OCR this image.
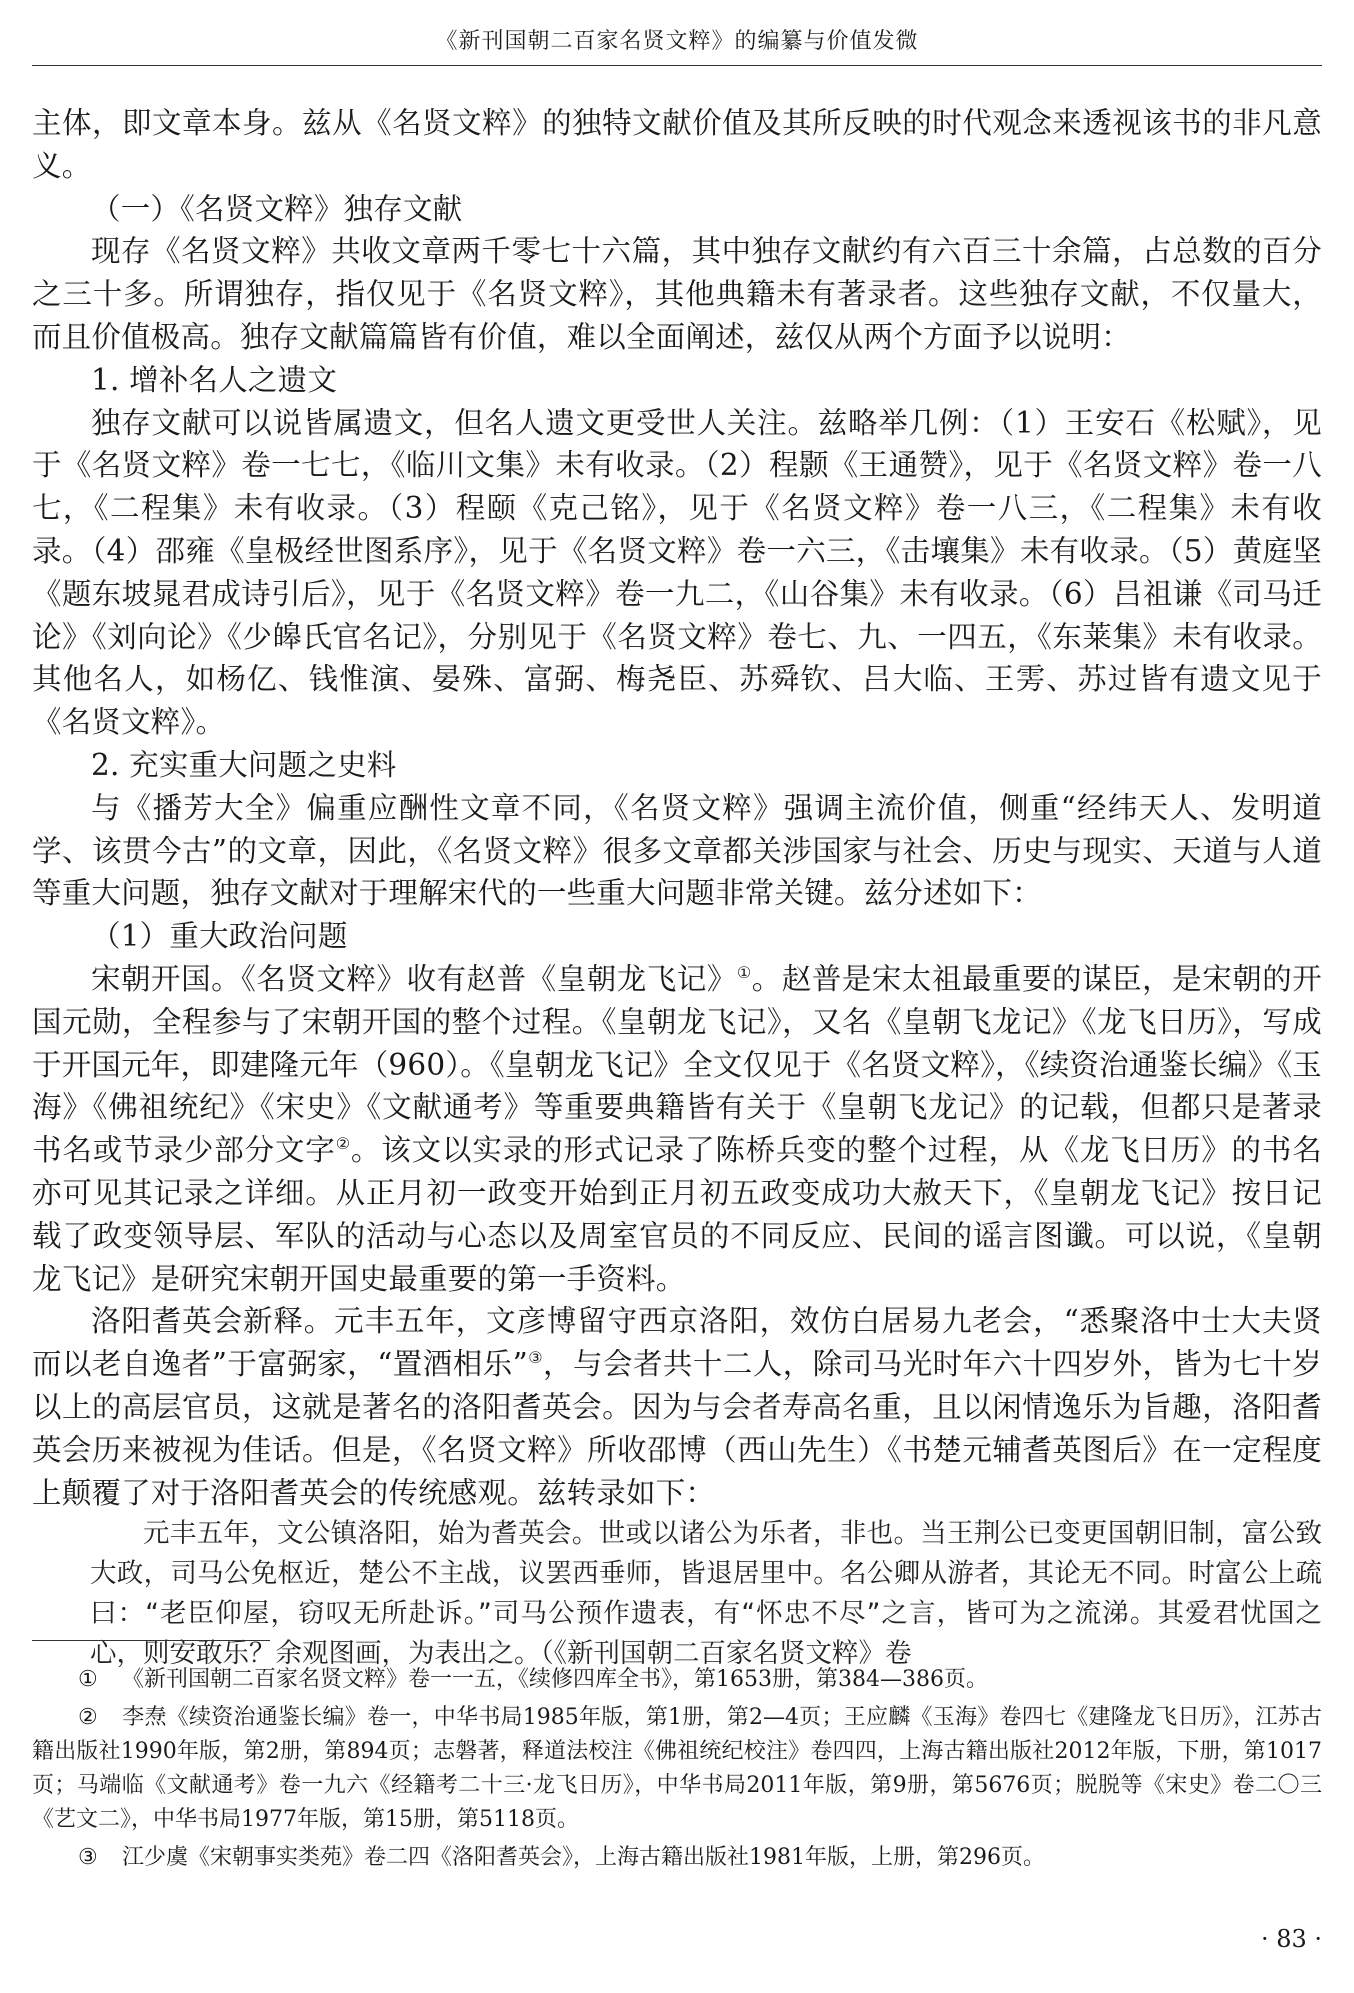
《新刊国朝二百家名贤文粹》的编纂与价值发微

主体，即文章本身。兹从《名贤文粹》的独特文献价值及其所反映的时代观念来透视该书的非凡意义。

（一）《名贤文粹》独存文献

现存《名贤文粹》共收文章两千零七十六篇，其中独存文献约有六百三十余篇，占总数的百分之三十多。所谓独存，指仅见于《名贤文粹》，其他典籍未有著录者。这些独存文献，不仅量大，而且价值极高。独存文献篇篇皆有价值，难以全面阐述，兹仅从两个方面予以说明：

1. 增补名人之遗文

独存文献可以说皆属遗文，但名人遗文更受世人关注。兹略举几例：（1）王安石《松赋》，见于《名贤文粹》卷一七七，《临川文集》未有收录。（2）程颢《王通赞》，见于《名贤文粹》卷一八七，《二程集》未有收录。（3）程颐《克己铭》，见于《名贤文粹》卷一八三，《二程集》未有收录。（4）邵雍《皇极经世图系序》，见于《名贤文粹》卷一六三，《击壤集》未有收录。（5）黄庭坚《题东坡晁君成诗引后》，见于《名贤文粹》卷一九二，《山谷集》未有收录。（6）吕祖谦《司马迁论》《刘向论》《少皞氏官名记》，分别见于《名贤文粹》卷七、九、一四五，《东莱集》未有收录。其他名人，如杨亿、钱惟演、晏殊、富弼、梅尧臣、苏舜钦、吕大临、王雱、苏过皆有遗文见于《名贤文粹》。

2. 充实重大问题之史料

与《播芳大全》偏重应酬性文章不同，《名贤文粹》强调主流价值，侧重“经纬天人、发明道学、该贯今古”的文章，因此，《名贤文粹》很多文章都关涉国家与社会、历史与现实、天道与人道等重大问题，独存文献对于理解宋代的一些重大问题非常关键。兹分述如下：

（1）重大政治问题

宋朝开国。《名贤文粹》收有赵普《皇朝龙飞记》①。赵普是宋太祖最重要的谋臣，是宋朝的开国元勋，全程参与了宋朝开国的整个过程。《皇朝龙飞记》，又名《皇朝飞龙记》《龙飞日历》，写成于开国元年，即建隆元年（960）。《皇朝龙飞记》全文仅见于《名贤文粹》，《续资治通鉴长编》《玉海》《佛祖统纪》《宋史》《文献通考》等重要典籍皆有关于《皇朝飞龙记》的记载，但都只是著录书名或节录少部分文字②。该文以实录的形式记录了陈桥兵变的整个过程，从《龙飞日历》的书名亦可见其记录之详细。从正月初一政变开始到正月初五政变成功大赦天下，《皇朝龙飞记》按日记载了政变领导层、军队的活动与心态以及周室官员的不同反应、民间的谣言图谶。可以说，《皇朝龙飞记》是研究宋朝开国史最重要的第一手资料。

洛阳耆英会新释。元丰五年，文彦博留守西京洛阳，效仿白居易九老会，“悉聚洛中士大夫贤而以老自逸者”于富弼家，“置酒相乐”③，与会者共十二人，除司马光时年六十四岁外，皆为七十岁以上的高层官员，这就是著名的洛阳耆英会。因为与会者寿高名重，且以闲情逸乐为旨趣，洛阳耆英会历来被视为佳话。但是，《名贤文粹》所收邵博（西山先生）《书楚元辅耆英图后》在一定程度上颠覆了对于洛阳耆英会的传统感观。兹转录如下：

元丰五年，文公镇洛阳，始为耆英会。世或以诸公为乐者，非也。当王荆公已变更国朝旧制，富公致大政，司马公免枢近，楚公不主战，议罢西垂师，皆退居里中。名公卿从游者，其论无不同。时富公上疏曰：“老臣仰屋，窃叹无所赴诉。”司马公预作遗表，有“怀忠不尽”之言，皆可为之流涕。其爱君忧国之心，则安敢乐？余观图画，为表出之。（《新刊国朝二百家名贤文粹》卷

① 《新刊国朝二百家名贤文粹》卷一一五，《续修四库全书》，第1653册，第384—386页。

② 李焘《续资治通鉴长编》卷一，中华书局1985年版，第1册，第2—4页；王应麟《玉海》卷四七《建隆龙飞日历》，江苏古籍出版社1990年版，第2册，第894页；志磐著，释道法校注《佛祖统纪校注》卷四四，上海古籍出版社2012年版，下册，第1017页；马端临《文献通考》卷一九六《经籍考二十三·龙飞日历》，中华书局2011年版，第9册，第5676页；脱脱等《宋史》卷二〇三《艺文二》，中华书局1977年版，第15册，第5118页。

③ 江少虞《宋朝事实类苑》卷二四《洛阳耆英会》，上海古籍出版社1981年版，上册，第296页。

· 83 ·
